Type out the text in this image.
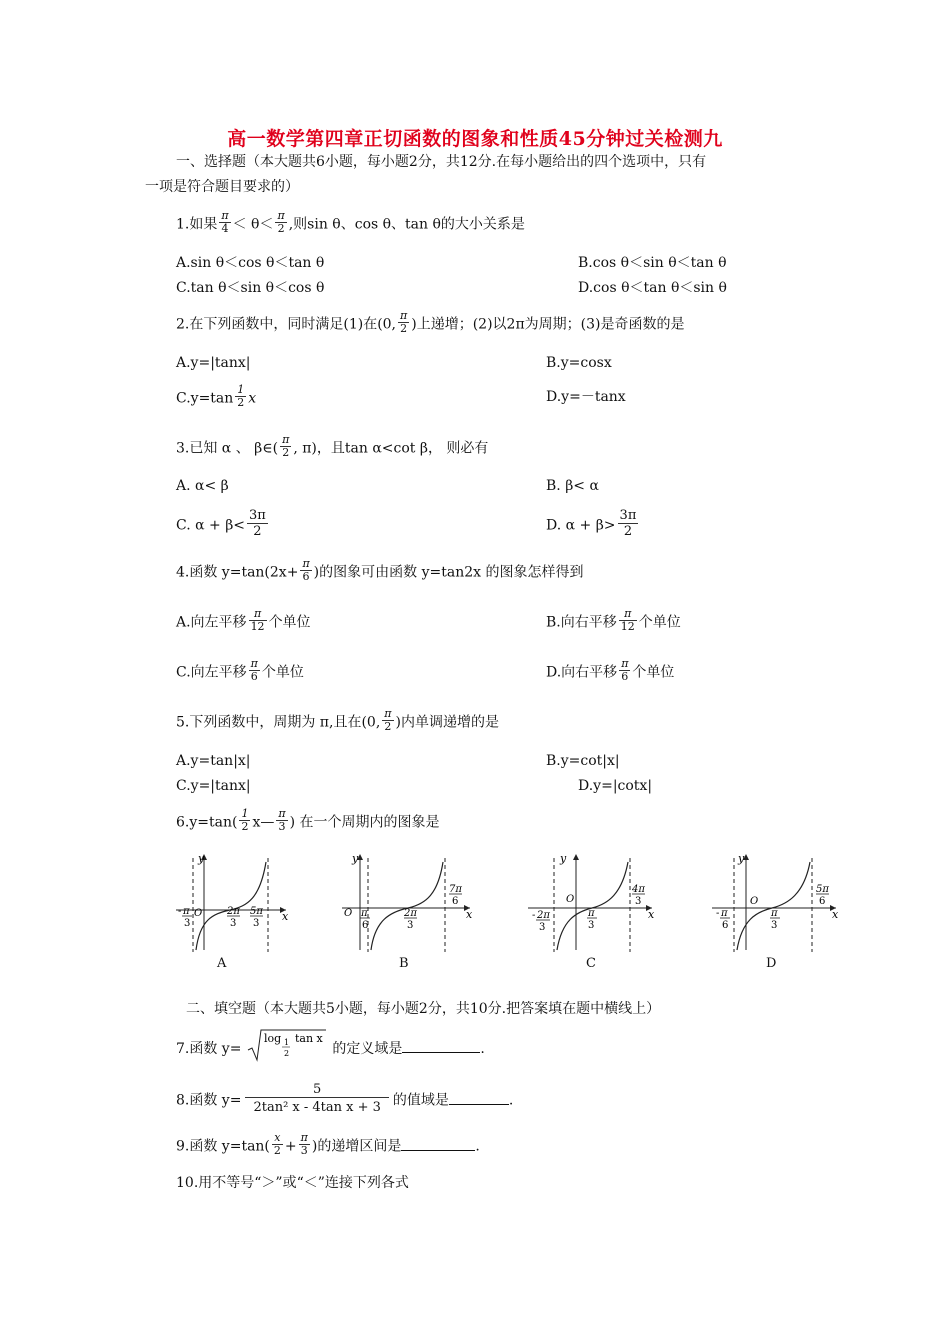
高一数学第四章正切函数的图象和性质45分钟过关检测九
一、选择题（本大题共6小题，每小题2分，共12分.在每小题给出的四个选项中，只有
一项是符合题目要求的）
1.如果 $\frac{\pi}{4} < \theta< \frac{\pi}{2}$ ,则sin θ、cos θ、tan θ的大小关系是
A.sin θ＜cos θ＜tan θ	B.cos θ＜sin θ＜tan θ
C.tan θ＜sin θ＜cos θ	D.cos θ＜tan θ＜sin θ
2.在下列函数中，同时满足(1)在(0, $\frac{\pi}{2}$ )上递增；(2)以2π为周期；(3)是奇函数的是
A.y=|tanx|	B.y=cosx
$C.y=\tan \frac{1}{2}$ x	D.y=－tanx
3.已知 α 、 β∈( $\frac{\pi}{2}$ , π)，且tan α<cot β， 则必有
A. α< β	B. β< α
C. $\alpha + \beta< \frac{3\pi}{2}$	D. $\alpha + \beta> \frac{3\pi}{2}$
4.函数 $y=\tan(2x+ \frac{\pi}{6}$ )的图象可由函数 y=tan2x 的图象怎样得到
A.向左平移 $\frac{\pi}{12}$ 个单位	B.向右平移 $\frac{\pi}{12}$ 个单位
C.向左平移 $\frac{\pi}{6}$ 个单位	D.向右平移 $\frac{\pi}{6}$ 个单位
5.下列函数中，周期为 π,且在(0, $\frac{\pi}{2}$ )内单调递增的是
A.y=tan|x|	B.y=cot|x|
C.y=|tanx|	D.y=|cotx|
$6.y=\tan( \frac{1}{2}$ x— $\frac{\pi}{3}$ ) 在一个周期内的图象是
y
x
O
- π
3
2π
3
5π
3
A
y
x
O π
6
2π
3
7π
6
B
y
x
O
- 2π
3
π
3
4π
3
C
y
x
O
- π
6
π
3
5π
6
D
二、填空题（本大题共5小题，每小题2分，共10分.把答案填在题中横线上）
7.函数 y=
log 1
2
tan x
的定义域是	.
8.函数 $y= \frac{5}{\text{2tan² x - 4tan x + 3}}$ 的值域是	.
9.函数 $y=\tan( \frac{x}{2} + \frac{\pi}{3}$ )的递增区间是	.
10.用不等号“＞”或“＜”连接下列各式
